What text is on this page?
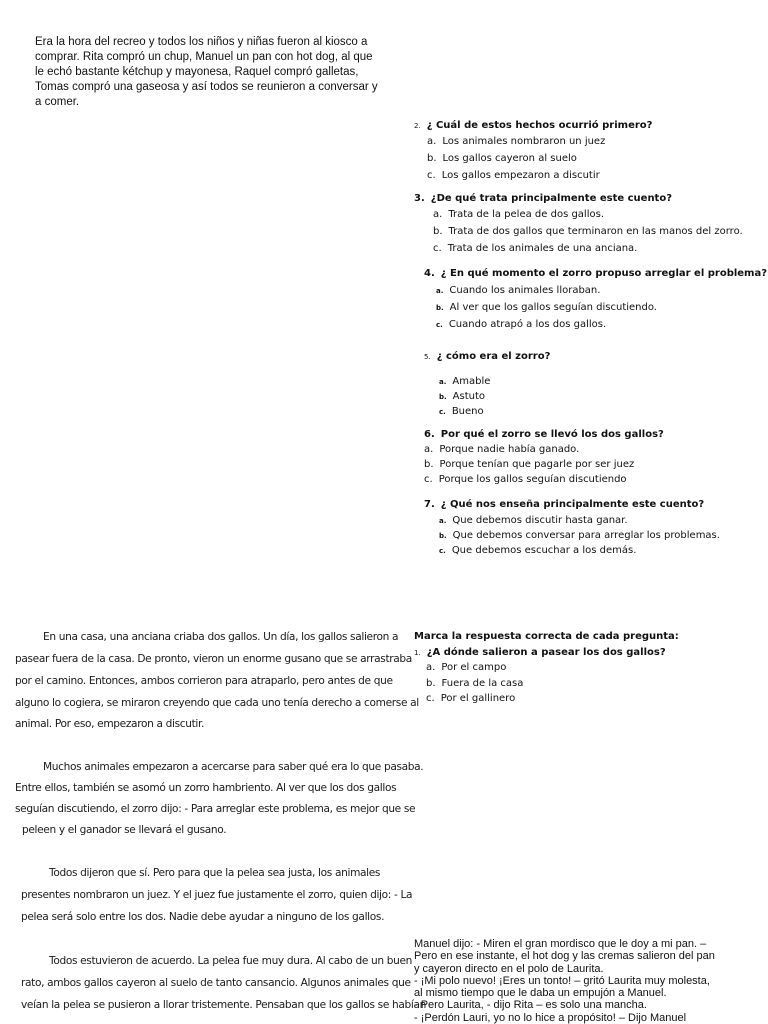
Era la hora del recreo y todos los niños y niñas fueron al kiosco a comprar. Rita compró un chup, Manuel un pan con hot dog, al que le echó bastante kétchup y mayonesa, Raquel compró galletas, Tomas compró una gaseosa y así todos se reunieron a conversar y a comer.
2. ¿ Cuál de estos hechos ocurrió primero?
a. Los animales nombraron un juez
b. Los gallos cayeron al suelo
c. Los gallos empezaron a discutir
3. ¿De qué trata principalmente este cuento?
a. Trata de la pelea de dos gallos.
b. Trata de dos gallos que terminaron en las manos del zorro.
c. Trata de los animales de una anciana.
4. ¿ En qué momento el zorro propuso arreglar el problema?
a. Cuando los animales lloraban.
b. Al ver que los gallos seguían discutiendo.
c. Cuando atrapó a los dos gallos.
5. ¿ cómo era el zorro?
a. Amable
b. Astuto
c. Bueno
6. Por qué el zorro se llevó los dos gallos?
a. Porque nadie había ganado.
b. Porque tenían que pagarle por ser juez
c. Porque los gallos seguían discutiendo
7. ¿ Qué nos enseña principalmente este cuento?
a. Que debemos discutir hasta ganar.
b. Que debemos conversar para arreglar los problemas.
c. Que debemos escuchar a los demás.
Marca la respuesta correcta de cada pregunta:
1. ¿A dónde salieron a pasear los dos gallos?
a. Por el campo
b. Fuera de la casa
c. Por el gallinero
En una casa, una anciana criaba dos gallos. Un día, los gallos salieron a
pasear fuera de la casa. De pronto, vieron un enorme gusano que se arrastraba
por el camino. Entonces, ambos corrieron para atraparlo, pero antes de que
alguno lo cogiera, se miraron creyendo que cada uno tenía derecho a comerse al
animal. Por eso, empezaron a discutir.
Muchos animales empezaron a acercarse para saber qué era lo que pasaba.
Entre ellos, también se asomó un zorro hambriento. Al ver que los dos gallos
seguían discutiendo, el zorro dijo: - Para arreglar este problema, es mejor que se
peleen y el ganador se llevará el gusano.
Todos dijeron que sí. Pero para que la pelea sea justa, los animales
presentes nombraron un juez. Y el juez fue justamente el zorro, quien dijo: - La
pelea será solo entre los dos. Nadie debe ayudar a ninguno de los gallos.
Todos estuvieron de acuerdo. La pelea fue muy dura. Al cabo de un buen
rato, ambos gallos cayeron al suelo de tanto cansancio. Algunos animales que
veían la pelea se pusieron a llorar tristemente. Pensaban que los gallos se habían
Manuel dijo: - Miren el gran mordisco que le doy a mi pan. –
Pero en ese instante, el hot dog y las cremas salieron del pan
y cayeron directo en el polo de Laurita.
- ¡Mi polo nuevo! ¡Eres un tonto! – gritó Laurita muy molesta,
al mismo tiempo que le daba un empujón a Manuel.
- Pero Laurita, - dijo Rita – es solo una mancha.
- ¡Perdón Lauri, yo no lo hice a propósito! – Dijo Manuel
